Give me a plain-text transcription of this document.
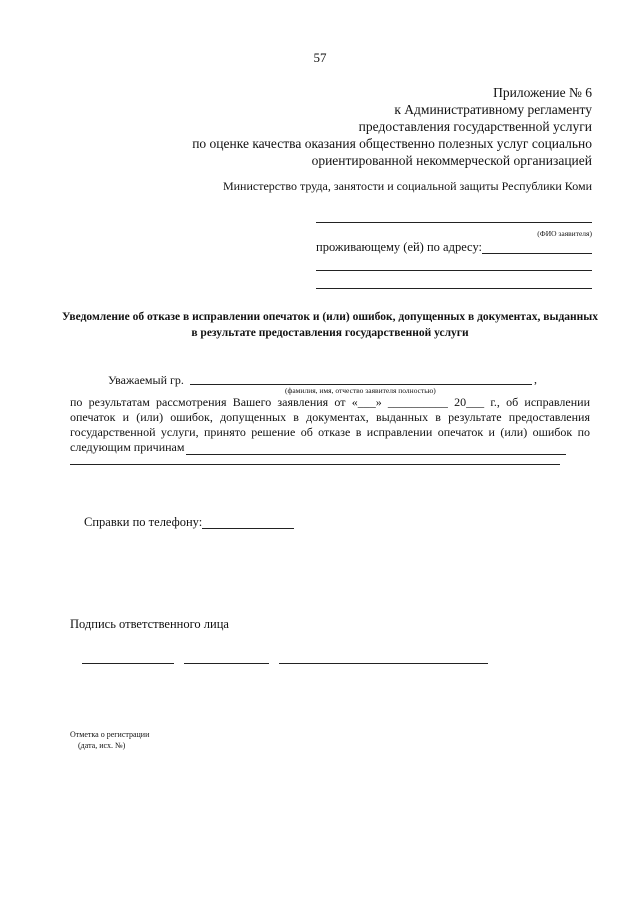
57
Приложение № 6
к Административному регламенту
предоставления государственной услуги
по оценке качества оказания общественно полезных услуг социально
ориентированной некоммерческой организацией
Министерство труда, занятости и социальной защиты Республики Коми
(ФИО заявителя)
проживающему (ей) по адресу:
Уведомление об отказе в исправлении опечаток и (или) ошибок, допущенных в документах, выданных в результате предоставления государственной услуги
Уважаемый гр.	,
(фамилия, имя, отчество заявителя полностью)
по результатам рассмотрения Вашего заявления от «___» __________ 20___ г., об исправлении опечаток и (или) ошибок, допущенных в документах, выданных в результате предоставления государственной услуги, принято решение об отказе в исправлении опечаток и (или) ошибок по следующим причинам
Справки по телефону:
Подпись ответственного лица
Отметка о регистрации
(дата, исх. №)
